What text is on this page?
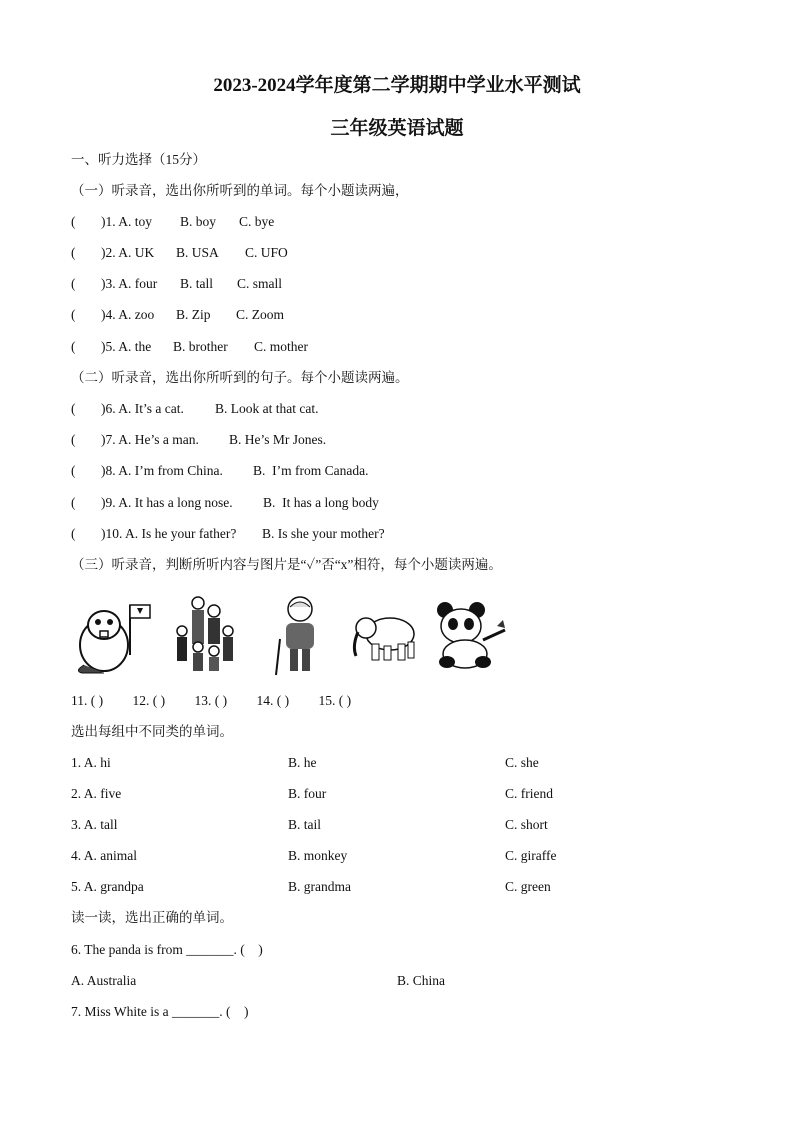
2023-2024学年度第二学期期中学业水平测试
三年级英语试题
一、听力选择（15分）
（一）听录音，选出你所听到的单词。每个小题读两遍，
( )1. A. toy B. boy C. bye
( )2. A. UK B. USA C. UFO
( )3. A. four B. tall C. small
( )4. A. zoo B. Zip C. Zoom
( )5. A. the B. brother C. mother
（二）听录音，选出你所听到的句子。每个小题读两遍。
( )6. A. It’s a cat. B. Look at that cat.
( )7. A. He’s a man. B. He’s Mr Jones.
( )8. A. I’m from China. B.  I’m from Canada.
( )9. A. It has a long nose. B.  It has a long body
( )10. A. Is he your father? B. Is she your mother?
（三）听录音，判断所听内容与图片是“✓”否“x”相符，每个小题读两遍。
11. ( ) 12. ( ) 13. ( ) 14. ( ) 15. ( )
选出每组中不同类的单词。
1. A. hi	B. he	C. she
2. A. five	B. four	C. friend
3. A. tall	B. tail	C. short
4. A. animal	B. monkey	C. giraffe
5. A. grandpa	B. grandma	C. green
读一读，选出正确的单词。
6. The panda is from _______. (    )
A. Australia	B. China
7. Miss White is a _______. (    )
